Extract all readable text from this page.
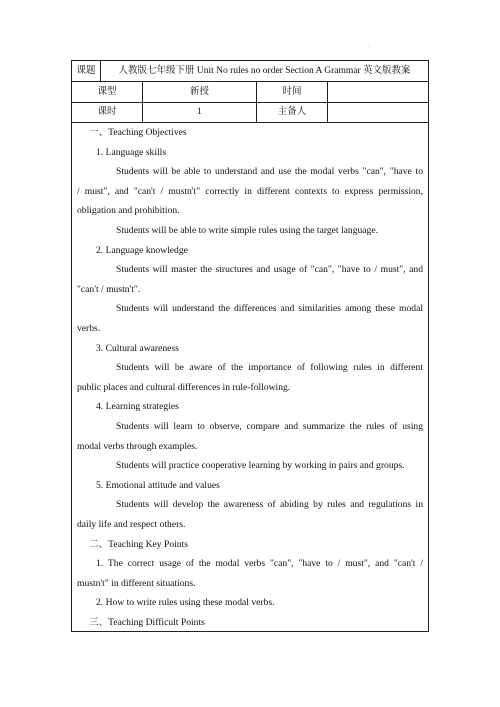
·
课题	人教版七年级下册 Unit No rules no order Section A Grammar 英文版教案
课型	新授	时间
课时	1	主备人
一、Teaching Objectives
1. Language skills
Students will be able to understand and use the modal verbs "can", "have to
/ must", and "can't / mustn't" correctly in different contexts to express permission,
obligation and prohibition.
Students will be able to write simple rules using the target language.
2. Language knowledge
Students will master the structures and usage of "can", "have to / must", and
"can't / mustn't".
Students will understand the differences and similarities among these modal
verbs.
3. Cultural awareness
Students will be aware of the importance of following rules in different
public places and cultural differences in rule-following.
4. Learning strategies
Students will learn to observe, compare and summarize the rules of using
modal verbs through examples.
Students will practice cooperative learning by working in pairs and groups.
5. Emotional attitude and values
Students will develop the awareness of abiding by rules and regulations in
daily life and respect others.
二、Teaching Key Points
1. The correct usage of the modal verbs "can", "have to / must", and "can't /
mustn't" in different situations.
2. How to write rules using these modal verbs.
三、Teaching Difficult Points
